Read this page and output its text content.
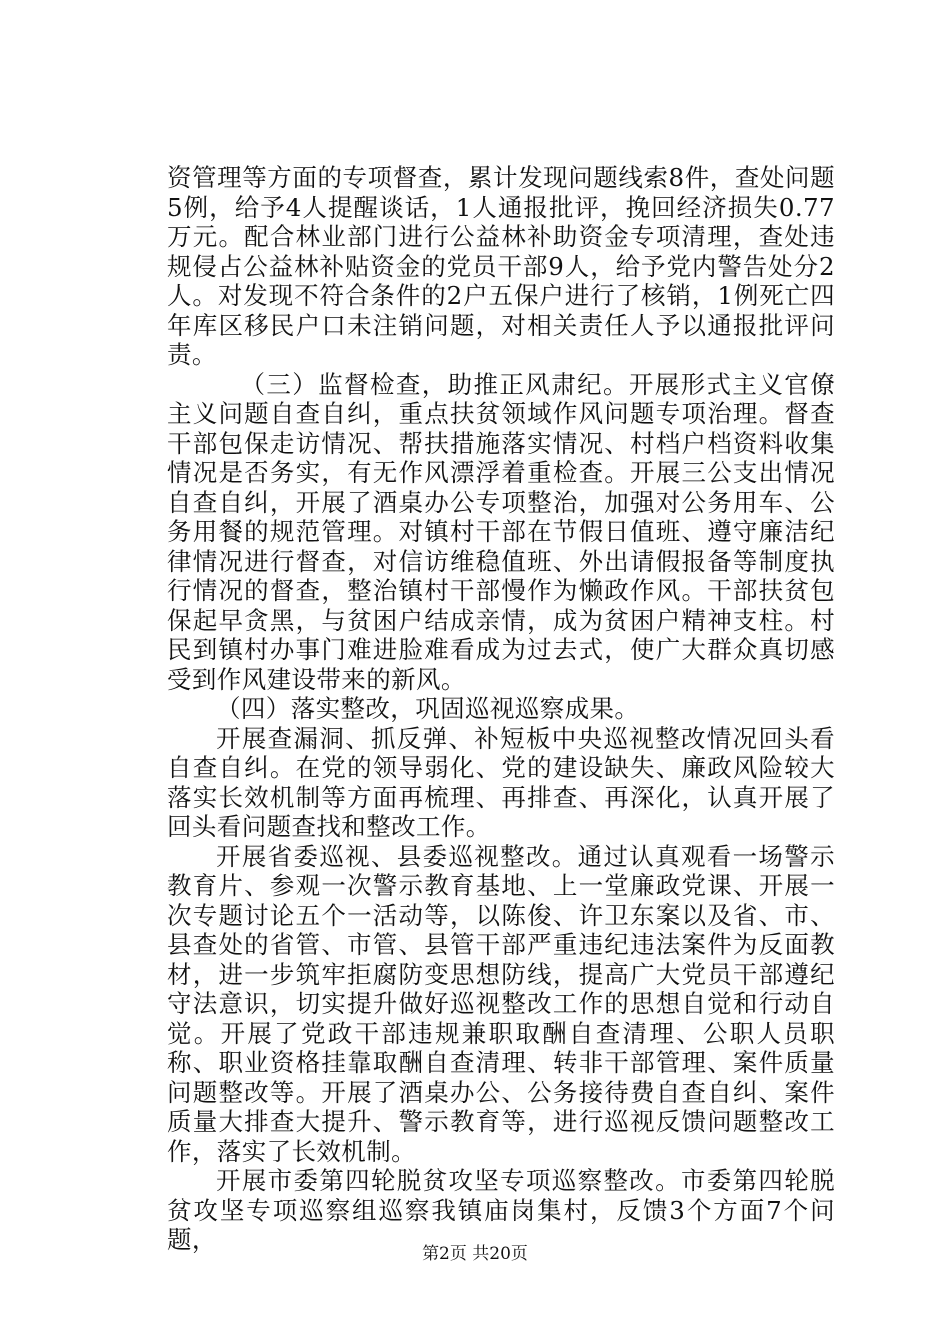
资管理等方面的专项督查，累计发现问题线索8件，查处问题5例，给予4人提醒谈话，1人通报批评，挽回经济损失0.77万元。配合林业部门进行公益林补助资金专项清理，查处违规侵占公益林补贴资金的党员干部9人，给予党内警告处分2人。对发现不符合条件的2户五保户进行了核销，1例死亡四年库区移民户口未注销问题，对相关责任人予以通报批评问责。

（三）监督检查，助推正风肃纪。开展形式主义官僚主义问题自查自纠，重点扶贫领域作风问题专项治理。督查干部包保走访情况、帮扶措施落实情况、村档户档资料收集情况是否务实，有无作风漂浮着重检查。开展三公支出情况自查自纠，开展了酒桌办公专项整治，加强对公务用车、公务用餐的规范管理。对镇村干部在节假日值班、遵守廉洁纪律情况进行督查，对信访维稳值班、外出请假报备等制度执行情况的督查，整治镇村干部慢作为懒政作风。干部扶贫包保起早贪黑，与贫困户结成亲情，成为贫困户精神支柱。村民到镇村办事门难进脸难看成为过去式，使广大群众真切感受到作风建设带来的新风。

（四）落实整改，巩固巡视巡察成果。

开展查漏洞、抓反弹、补短板中央巡视整改情况回头看自查自纠。在党的领导弱化、党的建设缺失、廉政风险较大落实长效机制等方面再梳理、再排查、再深化，认真开展了回头看问题查找和整改工作。

开展省委巡视、县委巡视整改。通过认真观看一场警示教育片、参观一次警示教育基地、上一堂廉政党课、开展一次专题讨论五个一活动等，以陈俊、许卫东案以及省、市、县查处的省管、市管、县管干部严重违纪违法案件为反面教材，进一步筑牢拒腐防变思想防线，提高广大党员干部遵纪守法意识，切实提升做好巡视整改工作的思想自觉和行动自觉。开展了党政干部违规兼职取酬自查清理、公职人员职称、职业资格挂靠取酬自查清理、转非干部管理、案件质量问题整改等。开展了酒桌办公、公务接待费自查自纠、案件质量大排查大提升、警示教育等，进行巡视反馈问题整改工作，落实了长效机制。

开展市委第四轮脱贫攻坚专项巡察整改。市委第四轮脱贫攻坚专项巡察组巡察我镇庙岗集村，反馈3个方面7个问题，	第2页 共20页
